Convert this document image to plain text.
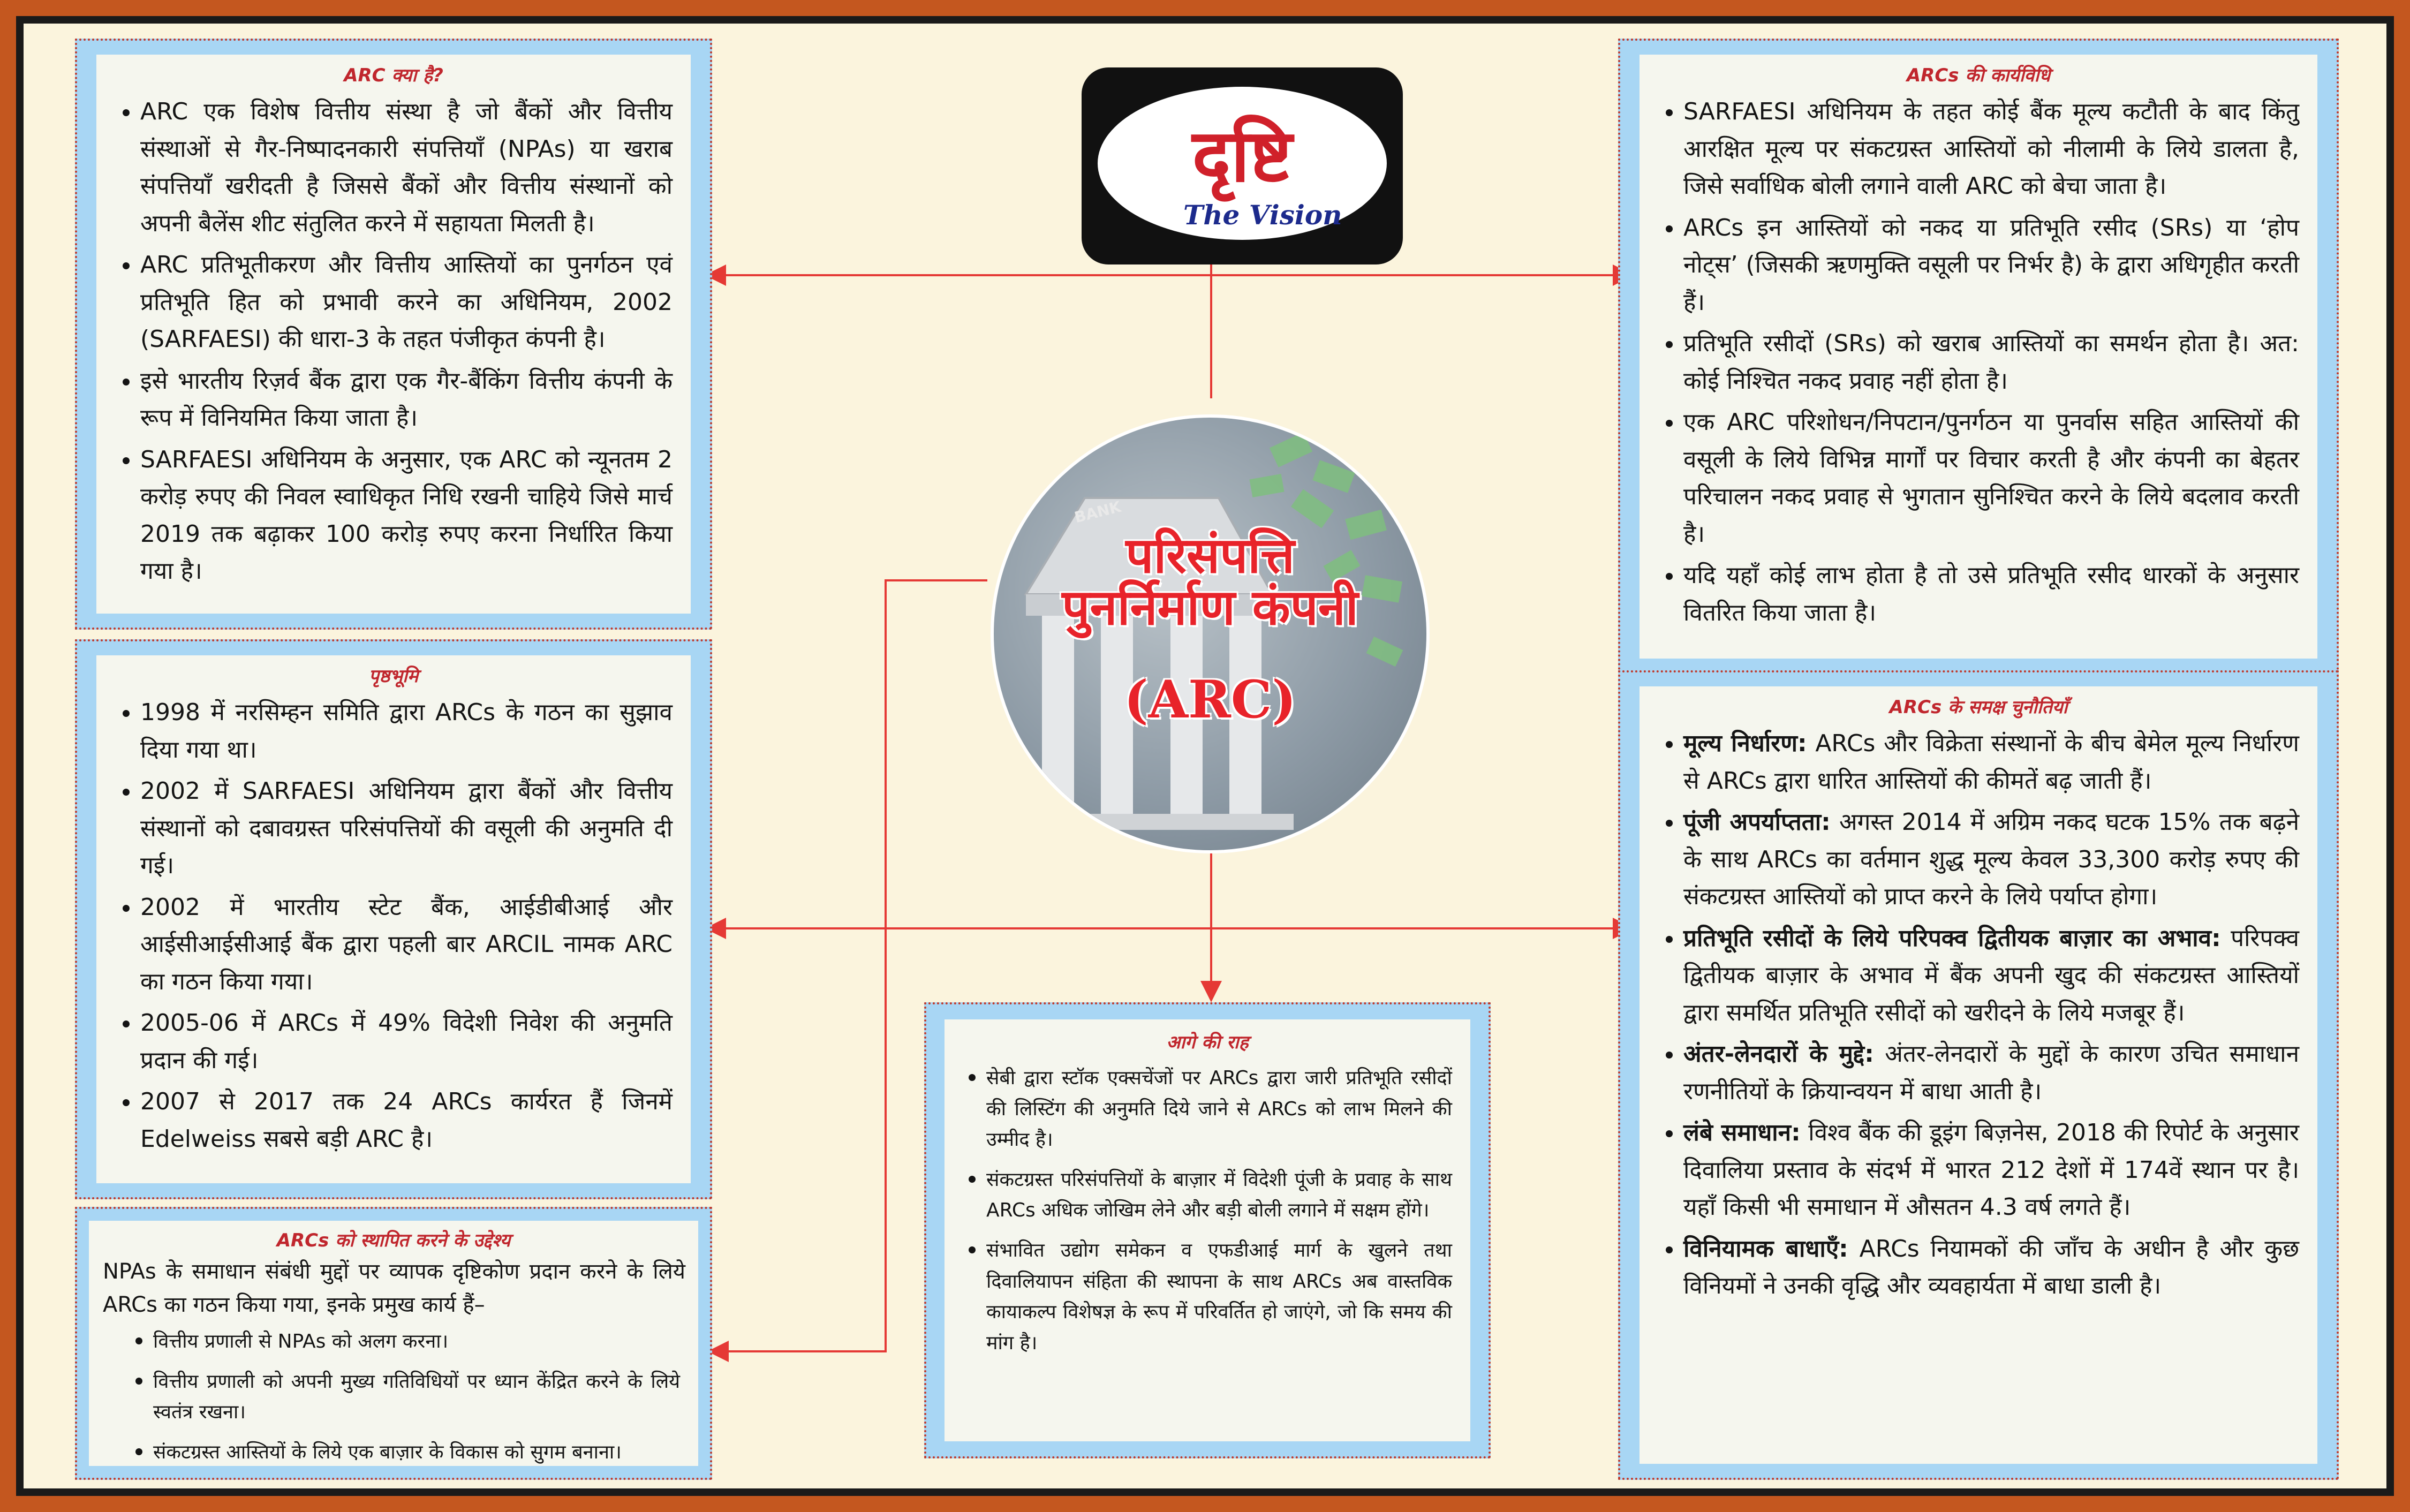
ARC क्या है?
• ARC एक विशेष वित्तीय संस्था है जो बैंकों और वित्तीय संस्थाओं से गैर-निष्पादनकारी संपत्तियाँ (NPAs) या खराब संपत्तियाँ खरीदती है जिससे बैंकों और वित्तीय संस्थानों को अपनी बैलेंस शीट संतुलित करने में सहायता मिलती है।
• ARC प्रतिभूतीकरण और वित्तीय आस्तियों का पुनर्गठन एवं प्रतिभूति हित को प्रभावी करने का अधिनियम, 2002 (SARFAESI) की धारा-3 के तहत पंजीकृत कंपनी है।
• इसे भारतीय रिज़र्व बैंक द्वारा एक गैर-बैंकिंग वित्तीय कंपनी के रूप में विनियमित किया जाता है।
• SARFAESI अधिनियम के अनुसार, एक ARC को न्यूनतम 2 करोड़ रुपए की निवल स्वाधिकृत निधि रखनी चाहिये जिसे मार्च 2019 तक बढ़ाकर 100 करोड़ रुपए करना निर्धारित किया गया है।
पृष्ठभूमि
• 1998 में नरसिम्हन समिति द्वारा ARCs के गठन का सुझाव दिया गया था।
• 2002 में SARFAESI अधिनियम द्वारा बैंकों और वित्तीय संस्थानों को दबावग्रस्त परिसंपत्तियों की वसूली की अनुमति दी गई।
• 2002 में भारतीय स्टेट बैंक, आईडीबीआई और आईसीआईसीआई बैंक द्वारा पहली बार ARCIL नामक ARC का गठन किया गया।
• 2005-06 में ARCs में 49% विदेशी निवेश की अनुमति प्रदान की गई।
• 2007 से 2017 तक 24 ARCs कार्यरत हैं जिनमें Edelweiss सबसे बड़ी ARC है।
ARCs को स्थापित करने के उद्देश्य

NPAs के समाधान संबंधी मुद्दों पर व्यापक दृष्टिकोण प्रदान करने के लिये ARCs का गठन किया गया, इनके प्रमुख कार्य हैं–

• वित्तीय प्रणाली से NPAs को अलग करना।
• वित्तीय प्रणाली को अपनी मुख्य गतिविधियों पर ध्यान केंद्रित करने के लिये स्वतंत्र रखना।
• संकटग्रस्त आस्तियों के लिये एक बाज़ार के विकास को सुगम बनाना।
दृष्टि
The Vision
BANK
परिसंपत्ति
पुनर्निर्माण कंपनी
(ARC)
आगे की राह
• सेबी द्वारा स्टॉक एक्सचेंजों पर ARCs द्वारा जारी प्रतिभूति रसीदों की लिस्टिंग की अनुमति दिये जाने से ARCs को लाभ मिलने की उम्मीद है।
• संकटग्रस्त परिसंपत्तियों के बाज़ार में विदेशी पूंजी के प्रवाह के साथ ARCs अधिक जोखिम लेने और बड़ी बोली लगाने में सक्षम होंगे।
• संभावित उद्योग समेकन व एफडीआई मार्ग के खुलने तथा दिवालियापन संहिता की स्थापना के साथ ARCs अब वास्तविक कायाकल्प विशेषज्ञ के रूप में परिवर्तित हो जाएंगे, जो कि समय की मांग है।
ARCs की कार्यविधि
• SARFAESI अधिनियम के तहत कोई बैंक मूल्य कटौती के बाद किंतु आरक्षित मूल्य पर संकटग्रस्त आस्तियों को नीलामी के लिये डालता है, जिसे सर्वाधिक बोली लगाने वाली ARC को बेचा जाता है।
• ARCs इन आस्तियों को नकद या प्रतिभूति रसीद (SRs) या ‘होप नोट्स’ (जिसकी ऋणमुक्ति वसूली पर निर्भर है) के द्वारा अधिगृहीत करती हैं।
• प्रतिभूति रसीदों (SRs) को खराब आस्तियों का समर्थन होता है। अत: कोई निश्चित नकद प्रवाह नहीं होता है।
• एक ARC परिशोधन/निपटान/पुनर्गठन या पुनर्वास सहित आस्तियों की वसूली के लिये विभिन्न मार्गों पर विचार करती है और कंपनी का बेहतर परिचालन नकद प्रवाह से भुगतान सुनिश्चित करने के लिये बदलाव करती है।
• यदि यहाँ कोई लाभ होता है तो उसे प्रतिभूति रसीद धारकों के अनुसार वितरित किया जाता है।
ARCs के समक्ष चुनौतियाँ
• मूल्य निर्धारण: ARCs और विक्रेता संस्थानों के बीच बेमेल मूल्य निर्धारण से ARCs द्वारा धारित आस्तियों की कीमतें बढ़ जाती हैं।
• पूंजी अपर्याप्तता: अगस्त 2014 में अग्रिम नकद घटक 15% तक बढ़ने के साथ ARCs का वर्तमान शुद्ध मूल्य केवल 33,300 करोड़ रुपए की संकटग्रस्त आस्तियों को प्राप्त करने के लिये पर्याप्त होगा।
• प्रतिभूति रसीदों के लिये परिपक्व द्वितीयक बाज़ार का अभाव: परिपक्व द्वितीयक बाज़ार के अभाव में बैंक अपनी खुद की संकटग्रस्त आस्तियों द्वारा समर्थित प्रतिभूति रसीदों को खरीदने के लिये मजबूर हैं।
• अंतर-लेनदारों के मुद्दे: अंतर-लेनदारों के मुद्दों के कारण उचित समाधान रणनीतियों के क्रियान्वयन में बाधा आती है।
• लंबे समाधान: विश्व बैंक की डूइंग बिज़नेस, 2018 की रिपोर्ट के अनुसार दिवालिया प्रस्ताव के संदर्भ में भारत 212 देशों में 174वें स्थान पर है। यहाँ किसी भी समाधान में औसतन 4.3 वर्ष लगते हैं।
• विनियामक बाधाएँ: ARCs नियामकों की जाँच के अधीन है और कुछ विनियमों ने उनकी वृद्धि और व्यवहार्यता में बाधा डाली है।
